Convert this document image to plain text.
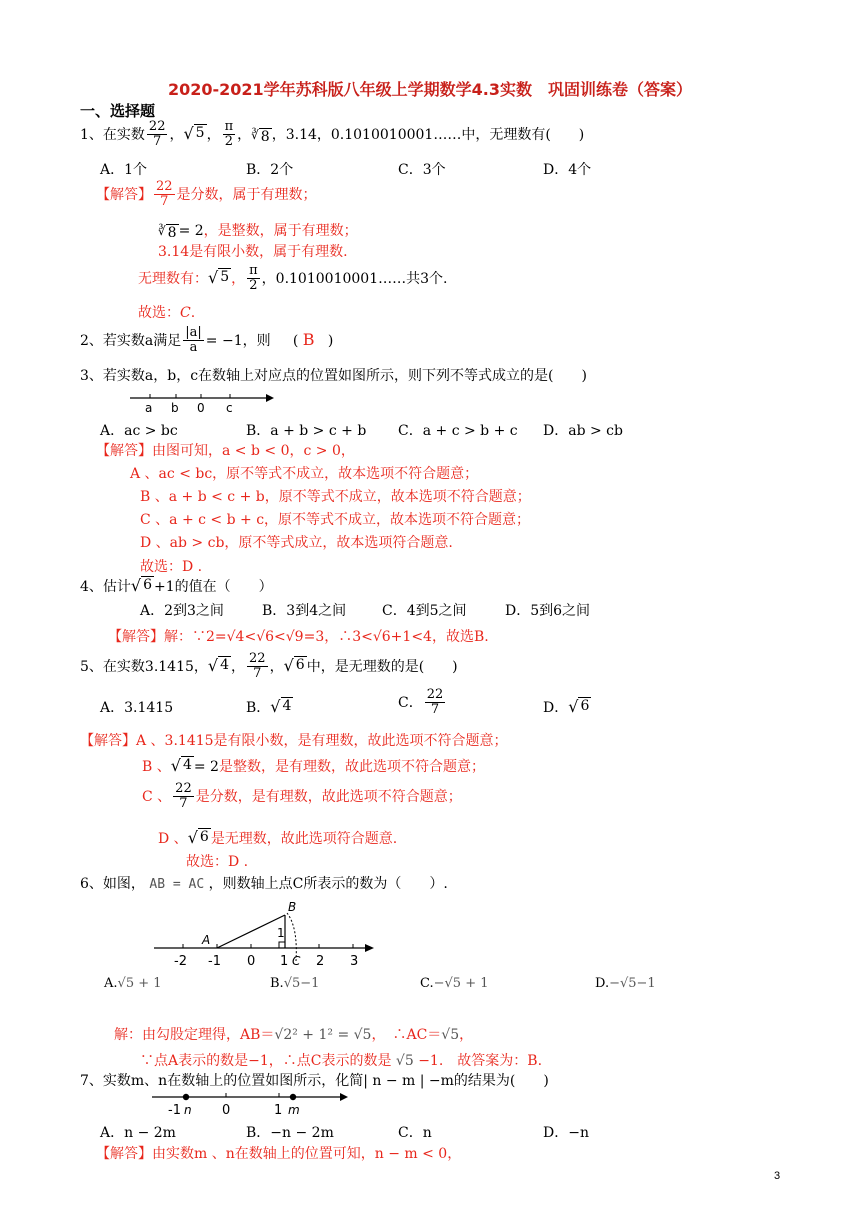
2020-2021学年苏科版八年级上学期数学4.3实数　巩固训练卷（答案）
一、选择题
1、在实数 $\frac{22}{7}$ ， √ 5 ， $\frac{\pi}{2}$ ， ∛ 8 ，3.14，0.1010010001……中，无理数有(　　)
A．1个	B．2个	C．3个	D．4个
【解答】 $\frac{22}{7}$ 是分数，属于有理数；
∛ 8 = 2，是整数，属于有理数；
3.14是有限小数，属于有理数.
无理数有： √ 5 ， $\frac{\pi}{2}$ ，0.1010010001……共3个.
故选：C.
2、若实数a满足 $\frac{|a|}{a} = -1$，则 ( B )
3、若实数a，b，c在数轴上对应点的位置如图所示，则下列不等式成立的是(　　)
a b 0 c
A．ac > bc	B．a + b > c + b C．a + c > b + c D．ab > cb
【解答】由图可知，a < b < 0，c > 0，
A 、ac < bc，原不等式不成立，故本选项不符合题意；
B 、a + b < c + b，原不等式不成立，故本选项不符合题意；
C 、a + c < b + c，原不等式不成立，故本选项不符合题意；
D 、ab > cb，原不等式成立，故本选项符合题意.
故选：D .
4、估计 √ 6 +1的值在（　　）
A．2到3之间	B．3到4之间	C．4到5之间	D．5到6之间
【解答】解：∵2=√4<√6<√9=3，∴3<√6+1<4，故选B.
5、在实数3.1415， √ 4 ， $\frac{22}{7}$ ， √ 6 中，是无理数的是(　　)
A．3.1415	B． √ 4	C． $\frac{22}{7}$	D． √ 6
【解答】A 、3.1415是有限小数，是有理数，故此选项不符合题意；
B 、 √ 4 = 2是整数，是有理数，故此选项不符合题意；
C 、 $\frac{22}{7}$ 是分数，是有理数，故此选项不符合题意；
D 、 √ 6 是无理数，故此选项符合题意.
故选：D .
6、如图， AB = AC ，则数轴上点C所表示的数为（　　）.
-2 -1 0 1 2 3
A
B
C
1
A.√5 + 1	B.√5−1	C.−√5 + 1	D.−√5−1
解：由勾股定理得，AB＝√2² + 1² = √5，　∴AC＝√5，
∵点A表示的数是−1，∴点C表示的数是 √5 −1.　故答案为：B.
7、实数m、n在数轴上的位置如图所示，化简| n − m | −m的结果为(　　)
-1 n 0	1 m
A．n − 2m	B．−n − 2m	C．n	D．−n
【解答】由实数m 、n在数轴上的位置可知，n − m < 0，
3
